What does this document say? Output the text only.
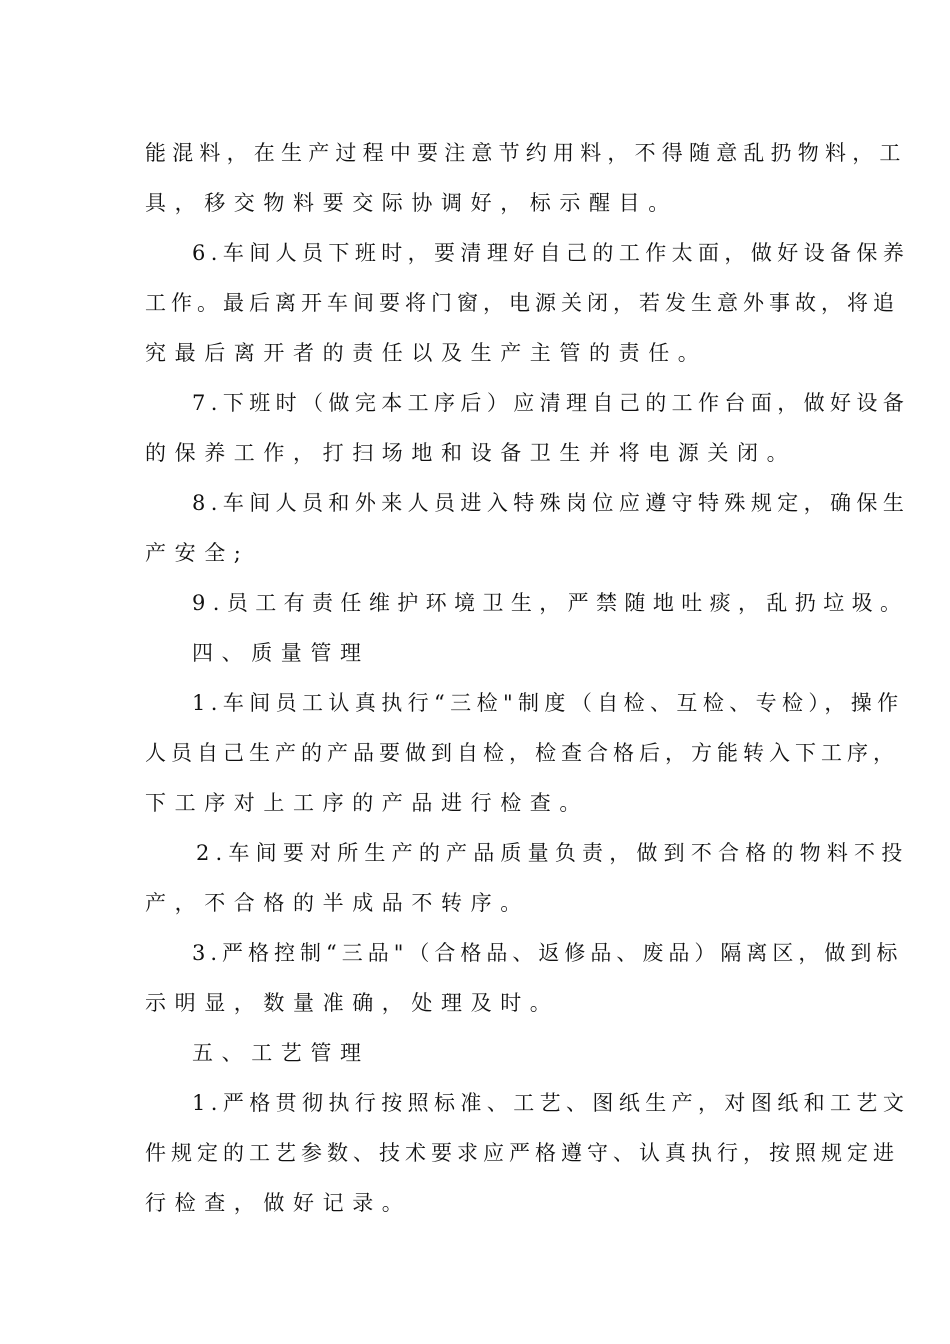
能混料，在生产过程中要注意节约用料，不得随意乱扔物料，工
具，移交物料要交际协调好，标示醒目。
6.车间人员下班时，要清理好自己的工作太面，做好设备保养
工作。最后离开车间要将门窗，电源关闭，若发生意外事故，将追
究最后离开者的责任以及生产主管的责任。
7.下班时（做完本工序后）应清理自己的工作台面，做好设备
的保养工作，打扫场地和设备卫生并将电源关闭。
8.车间人员和外来人员进入特殊岗位应遵守特殊规定，确保生
产安全;
9.员工有责任维护环境卫生，严禁随地吐痰，乱扔垃圾。
四、质量管理
1.车间员工认真执行“三检"制度（自检、互检、专检），操作
人员自己生产的产品要做到自检，检查合格后，方能转入下工序，
下工序对上工序的产品进行检查。
2.车间要对所生产的产品质量负责，做到不合格的物料不投
产，不合格的半成品不转序。
3.严格控制“三品"（合格品、返修品、废品）隔离区，做到标
示明显，数量准确，处理及时。
五、工艺管理
1.严格贯彻执行按照标准、工艺、图纸生产，对图纸和工艺文
件规定的工艺参数、技术要求应严格遵守、认真执行，按照规定进
行检查，做好记录。
